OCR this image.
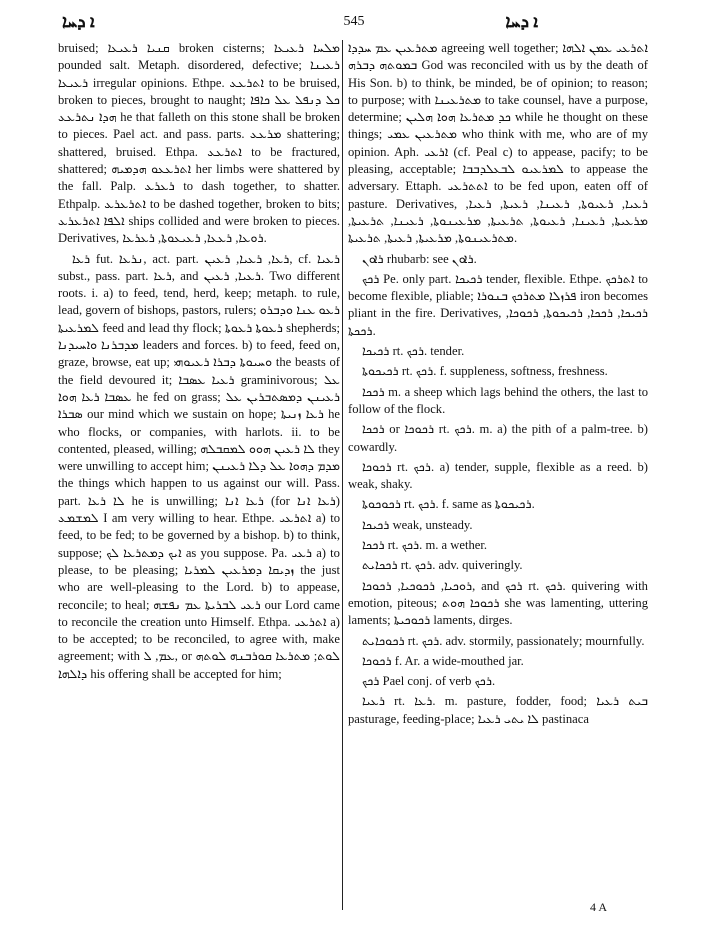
ܐ ܕܚܐ	545	ܐ ܕܚܐ

bruised; ܩܢܝܐ ܪܥܝܥܐ broken cisterns; ܡܠܚܐ ܪܥܝܥܐ pounded salt. Metaph. disordered, defective; ܪܥܝܢܐ ܪܥܝܥܐ irregular opinions. Ethpe. ܐܬܪܥܥ to be bruised, broken to pieces, brought to naught; ܟܠ ܕܢܦܠ ܥܠ ܟܐܦܐ ܗܕܐ ܢܬܪܥܥ he that falleth on this stone shall be broken to pieces. Pael act. and pass. parts. ܡܪܥܥ shattering; shattered, bruised. Ethpa. ܐܬܪܥܥ to be fractured, shattered; ܐܬܪܥܥܘ ܗܕܡܝܗ her limbs were shattered by the fall. Palp. ܪܥܪܥ to dash together, to shatter. Ethpalp. ܐܬܪܥܪܥ to be dashed together, broken to bits; ܐܠܦܐ ܐܬܪܥܪܥ ships collided and were broken to pieces. Derivatives, ܪܘܥܐ, ܪܥܥܐ, ܪܥܝܥܘܬܐ, ܪܥܪܥܐ.

ܪܥܐ fut. ܢܪܥܐ, act. part. ܪܥܐ, ܪܥܝܐ, ܪܥܝܢ, cf. ܪܥܝܐ subst., pass. part. ܪܥܐ, and ܪܥܝܐ, ܪܥܝܢ. Two different roots. i. a) to feed, tend, herd, keep; metaph. to rule, lead, govern of bishops, pastors, rulers; ܪܥܘ ܥܢܐ ܘܕܒܪܘ ܠܡܪܥܝܬܐ feed and lead thy flock; ܪܥܘܬܐ ܪܥܘܬܐ shepherds; ܡܕܒܪܢܐ ܘܐܚܝܕܢܐ leaders and forces. b) to feed, feed on, graze, browse, eat up; ܘܚܝܘܬܐ ܕܒܪܐ ܪܥܝܘܗܝ the beasts of the field devoured it; ܪܥܝܐ ܥܣܒܐ graminivorous; ܥܠ ܥܣܒܐ ܪܥܐ ܗܘܐ he fed on grass; ܪܥܝܢܢ ܕܡܣܬܒܪܝܢ ܥܠ ܣܒܪܐ our mind which we sustain on hope; ܪܥܐ ܙܢܝܬܐ he who flocks, or companies, with harlots. ii. to be contented, pleased, willing; ܠܐ ܪܥܝܢ ܗܘܘ ܠܡܩܒܠܗ they were unwilling to accept him; ܡܕܡ ܕܗܘܐ ܥܠ ܕܠܐ ܪܥܝܢܢ the things which happen to us against our will. Pass. part. ܠܐ ܪܥܐ he is unwilling; ܪܥܐ ܐܢܐ (for ܪܥܐ ܐܢܐ) ܠܡܫܡܥ I am very willing to hear. Ethpe. ܐܬܪܥܝ a) to feed, to be fed; to be governed by a bishop. b) to think, suppose; ܐܝܟ ܕܡܬܪܥܐ ܠܟ as you suppose. Pa. ܪܥܝ a) to please, to be pleasing; ܙܕܝܩܐ ܕܡܪܥܝܢ ܠܡܪܝܐ the just who are well-pleasing to the Lord. b) to appease, reconcile; to heal; ܪܥܝ ܠܒܪܝܬܐ ܥܡ ܢܦܫܗ our Lord came to reconcile the creation unto Himself. Ethpa. ܐܬܪܥܝ a) to be accepted; to be reconciled, to agree with, make agreement; with ܥܡ, ܠ, or ܠܘܬ; ܡܬܪܥܐ ܩܘܪܒܢܗ ܠܘܬܗ ܕܐܠܗܐ his offering shall be accepted for him;

ܡܬܪܥܝܢ ܥܡ ܚܕܕܐ agreeing well together; ܐܬܪܥܝ ܥܡܢ ܐܠܗܐ ܒܡܘܬܗ ܕܒܪܗ God was reconciled with us by the death of His Son. b) to think, be minded, be of opinion; to reason; to purpose; with ܡܬܪܥܝܢܐ to take counsel, have a purpose, determine; ܟܕ ܡܬܪܥܐ ܗܘܐ ܗܠܝܢ while he thought on these things; ܡܬܪܥܝܢ ܥܡܝ who think with me, who are of my opinion. Aph. ܐܪܥܝ (cf. Peal c) to appease, pacify; to be pleasing, acceptable; ܠܡܪܥܝܘ ܠܒܥܠܕܒܒܐ to appease the adversary. Ettaph. ܐܬܬܪܥܝ to be fed upon, eaten off of pasture. Derivatives, ܪܥܝܐ, ܪܥܝܘܬܐ, ܪܥܝܢܐ, ܪܥܝܬܐ, ܪܥܝܐ, ܡܪܥܝܬܐ, ܪܥܝܢܐ, ܪܥܝܘܬܐ, ܬܪܥܝܬܐ, ܡܪܥܝܢܘܬܐ, ܪܥܝܢܐ, ܬܪܥܝܬܐ, ܡܬܪܥܝܢܘܬܐ, ܡܪܥܝܬܐ, ܪܥܝܬܐ, ܬܪܥܝܬܐ.

ܪܐܘܢ rhubarb: see ܪܐܘܢ.

ܪܟܟ Pe. only part. ܪܟܝܟܐ tender, flexible. Ethpe. ܐܬܪܟܟ to become flexible, pliable; ܦܪܙܠܐ ܡܬܪܟܟ ܒܢܘܪܐ iron becomes pliant in the fire. Derivatives, ܪܟܝܟܐ, ܪܟܟܐ, ܪܟܝܟܘܬܐ, ܪܟܘܟܐ, ܪܟܟܬܐ.

ܪܟܝܟܐ rt. ܪܟܟ. tender.

ܪܟܝܟܘܬܐ rt. ܪܟܟ. f. suppleness, softness, freshness.

ܪܟܟܐ m. a sheep which lags behind the others, the last to follow of the flock.

ܪܟܟܐ or ܪܟܘܟܐ rt. ܪܟܟ. m. a) the pith of a palm-tree. b) cowardly.

ܪܟܘܟܐ rt. ܪܟܟ. a) tender, supple, flexible as a reed. b) weak, shaky.

ܪܟܘܟܘܬܐ rt. ܪܟܟ. f. same as ܪܟܝܟܘܬܐ.

ܪܟܝܟܐ weak, unsteady.

ܪܟܟܐ rt. ܪܟܟ. m. a wether.

ܪܟܟܐܝܬ rt. ܪܟܟ. adv. quiveringly.

ܪܘܟܝܐ, ܪܟܘܟܝܐ, ܪܟܘܟܐ, and ܪܟܟ rt. ܪܟܟ. quivering with emotion, piteous; ܪܟܘܟܐ ܗܘܬ she was lamenting, uttering laments; ܪܟܘܟܝܬܐ laments, dirges.

ܪܟܘܟܐܝܬ rt. ܪܟܟ. adv. stormily, passionately; mournfully.

ܪܟܘܟܐ f. Ar. a wide-mouthed jar.

ܪܟܟ Pael conj. of verb ܪܟܟ.

ܪܥܝܐ rt. ܪܥܐ. m. pasture, fodder, food; ܒܝܬ ܪܥܝܐ pasturage, feeding-place; ܠܐ ܝܬܝ ܪܥܝܐ pastinaca

4 A
